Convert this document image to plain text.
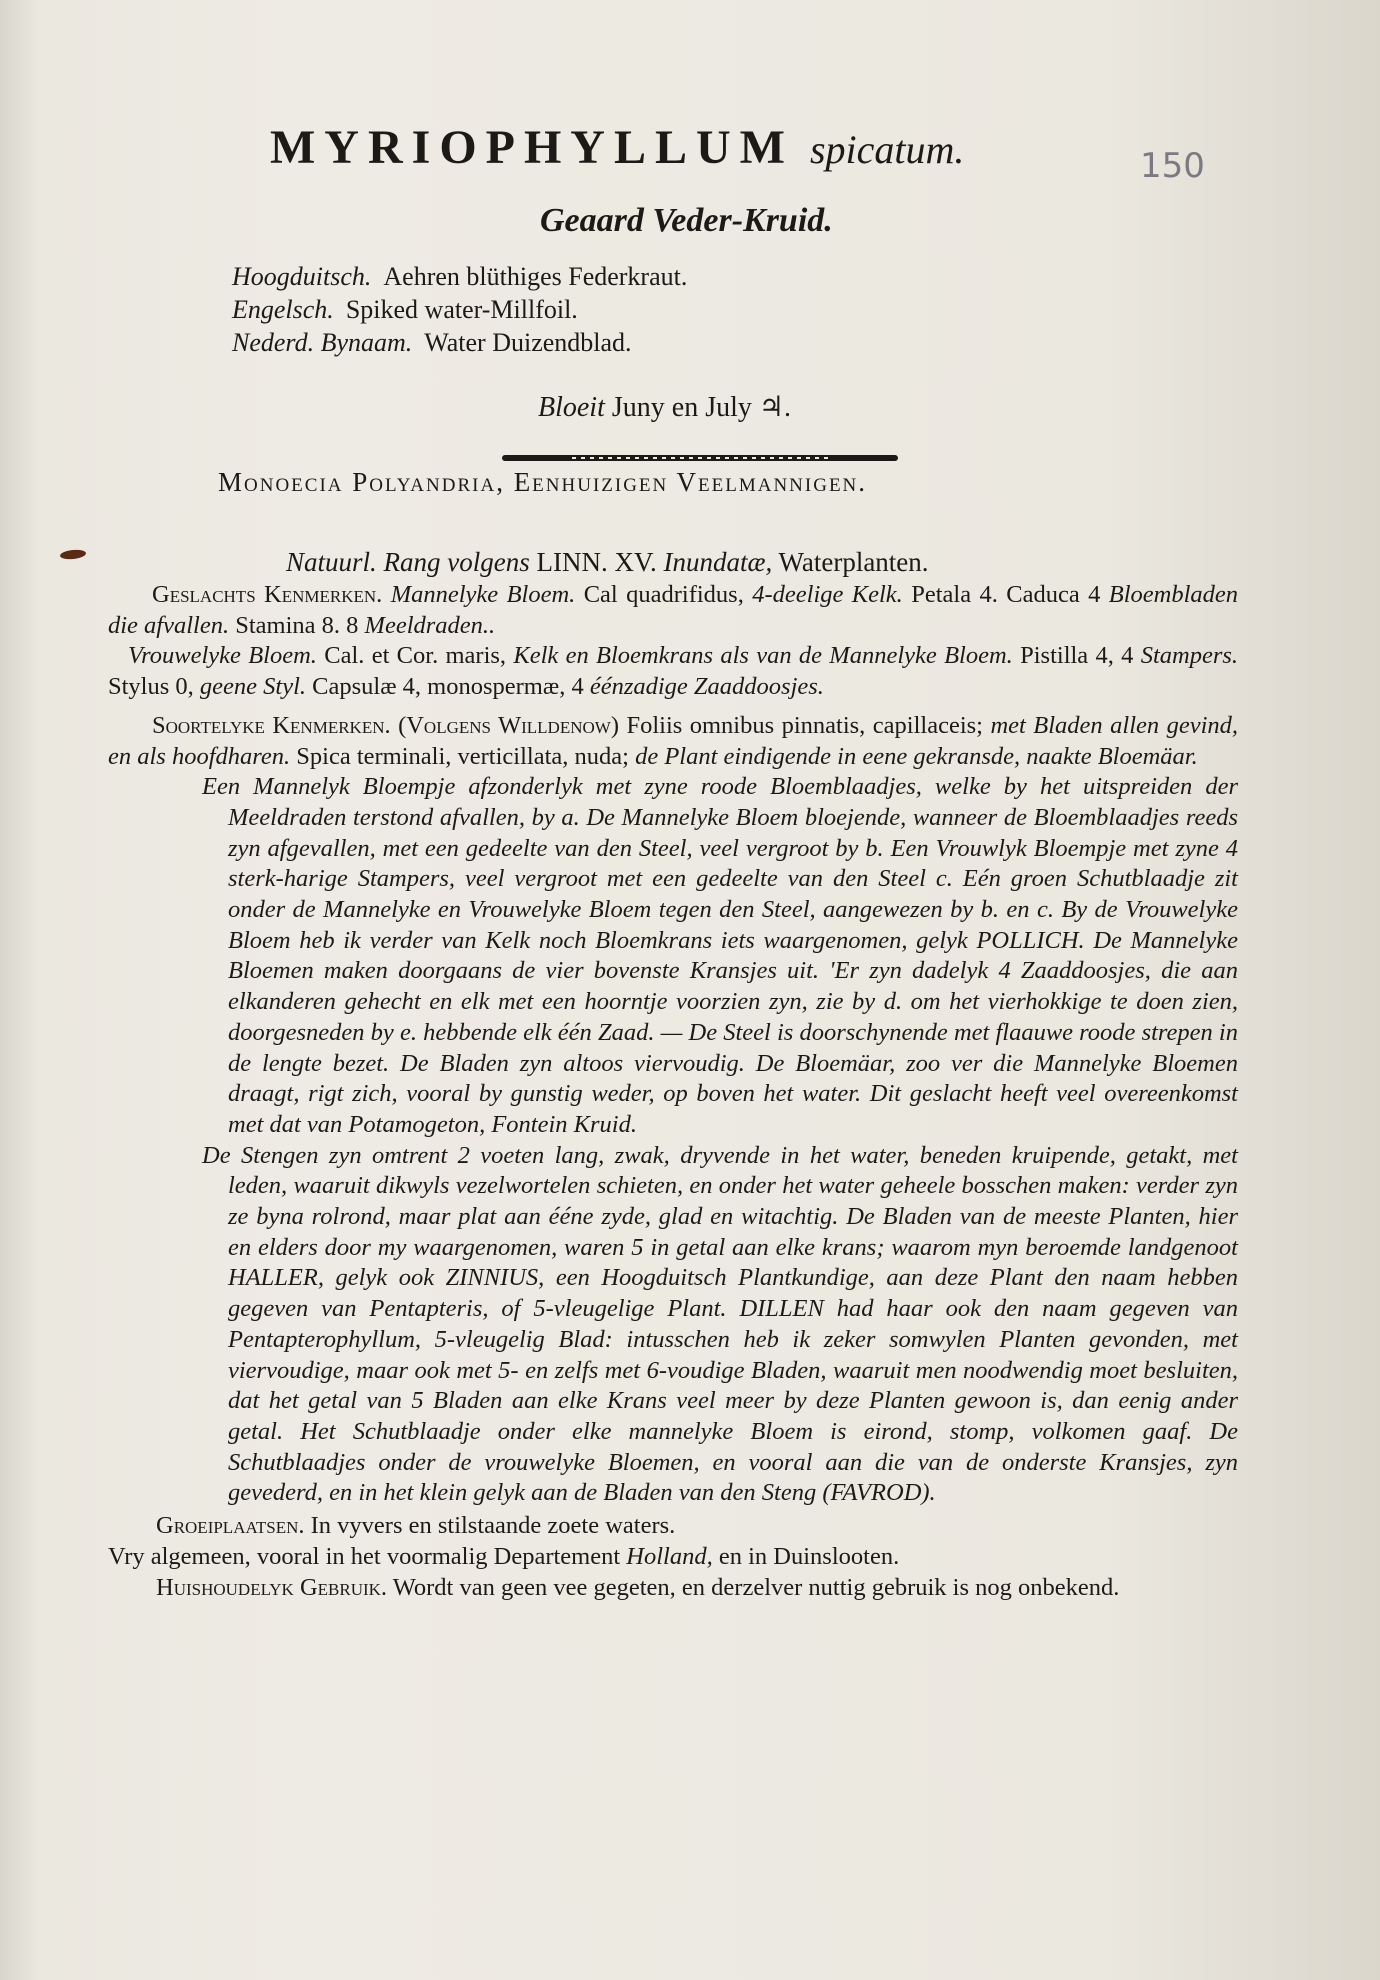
MYRIOPHYLLUM spicatum.	150
Geaard Veder-Kruid.
Hoogduitsch. Aehren blüthiges Federkraut.
Engelsch. Spiked water-Millfoil.
Nederd. Bynaam. Water Duizendblad.
Bloeit Juny en July ♃.
Monoecia Polyandria, Eenhuizigen Veelmannigen.
Natuurl. Rang volgens LINN. XV. Inundatæ, Waterplanten.

Geslachts Kenmerken. Mannelyke Bloem. Cal quadrifidus, 4-deelige Kelk. Petala 4. Caduca 4 Bloembladen die afvallen. Stamina 8. 8 Meeldraden..
Vrouwelyke Bloem. Cal. et Cor. maris, Kelk en Bloemkrans als van de Mannelyke Bloem. Pistilla 4, 4 Stampers. Stylus 0, geene Styl. Capsulæ 4, monospermæ, 4 éénzadige Zaaddoosjes.

Soortelyke Kenmerken. (Volgens Willdenow) Foliis omnibus pinnatis, capillaceis; met Bladen allen gevind, en als hoofdharen. Spica terminali, verticillata, nuda; de Plant eindigende in eene gekransde, naakte Bloemäar.

Een Mannelyk Bloempje afzonderlyk met zyne roode Bloemblaadjes, welke by het uitspreiden der Meeldraden terstond afvallen, by a. De Mannelyke Bloem bloejende, wanneer de Bloemblaadjes reeds zyn afgevallen, met een gedeelte van den Steel, veel vergroot by b. Een Vrouwlyk Bloempje met zyne 4 sterk-harige Stampers, veel vergroot met een gedeelte van den Steel c. Eén groen Schutblaadje zit onder de Mannelyke en Vrouwelyke Bloem tegen den Steel, aangewezen by b. en c. By de Vrouwelyke Bloem heb ik verder van Kelk noch Bloemkrans iets waargenomen, gelyk POLLICH. De Mannelyke Bloemen maken doorgaans de vier bovenste Kransjes uit. 'Er zyn dadelyk 4 Zaaddoosjes, die aan elkanderen gehecht en elk met een hoorntje voorzien zyn, zie by d. om het vierhokkige te doen zien, doorgesneden by e. hebbende elk één Zaad. — De Steel is doorschynende met flaauwe roode strepen in de lengte bezet. De Bladen zyn altoos viervoudig. De Bloemäar, zoo ver die Mannelyke Bloemen draagt, rigt zich, vooral by gunstig weder, op boven het water. Dit geslacht heeft veel overeenkomst met dat van Potamogeton, Fontein Kruid.

De Stengen zyn omtrent 2 voeten lang, zwak, dryvende in het water, beneden kruipende, getakt, met leden, waaruit dikwyls vezelwortelen schieten, en onder het water geheele bosschen maken: verder zyn ze byna rolrond, maar plat aan ééne zyde, glad en witachtig. De Bladen van de meeste Planten, hier en elders door my waargenomen, waren 5 in getal aan elke krans; waarom myn beroemde landgenoot HALLER, gelyk ook ZINNIUS, een Hoogduitsch Plantkundige, aan deze Plant den naam hebben gegeven van Pentapteris, of 5-vleugelige Plant. DILLEN had haar ook den naam gegeven van Pentapterophyllum, 5-vleugelig Blad: intusschen heb ik zeker somwylen Planten gevonden, met viervoudige, maar ook met 5- en zelfs met 6-voudige Bladen, waaruit men noodwendig moet besluiten, dat het getal van 5 Bladen aan elke Krans veel meer by deze Planten gewoon is, dan eenig ander getal. Het Schutblaadje onder elke mannelyke Bloem is eirond, stomp, volkomen gaaf. De Schutblaadjes onder de vrouwelyke Bloemen, en vooral aan die van de onderste Kransjes, zyn gevederd, en in het klein gelyk aan de Bladen van den Steng (FAVROD).

Groeiplaatsen. In vyvers en stilstaande zoete waters.
Vry algemeen, vooral in het voormalig Departement Holland, en in Duinslooten.

Huishoudelyk Gebruik. Wordt van geen vee gegeten, en derzelver nuttig gebruik is nog onbekend.
